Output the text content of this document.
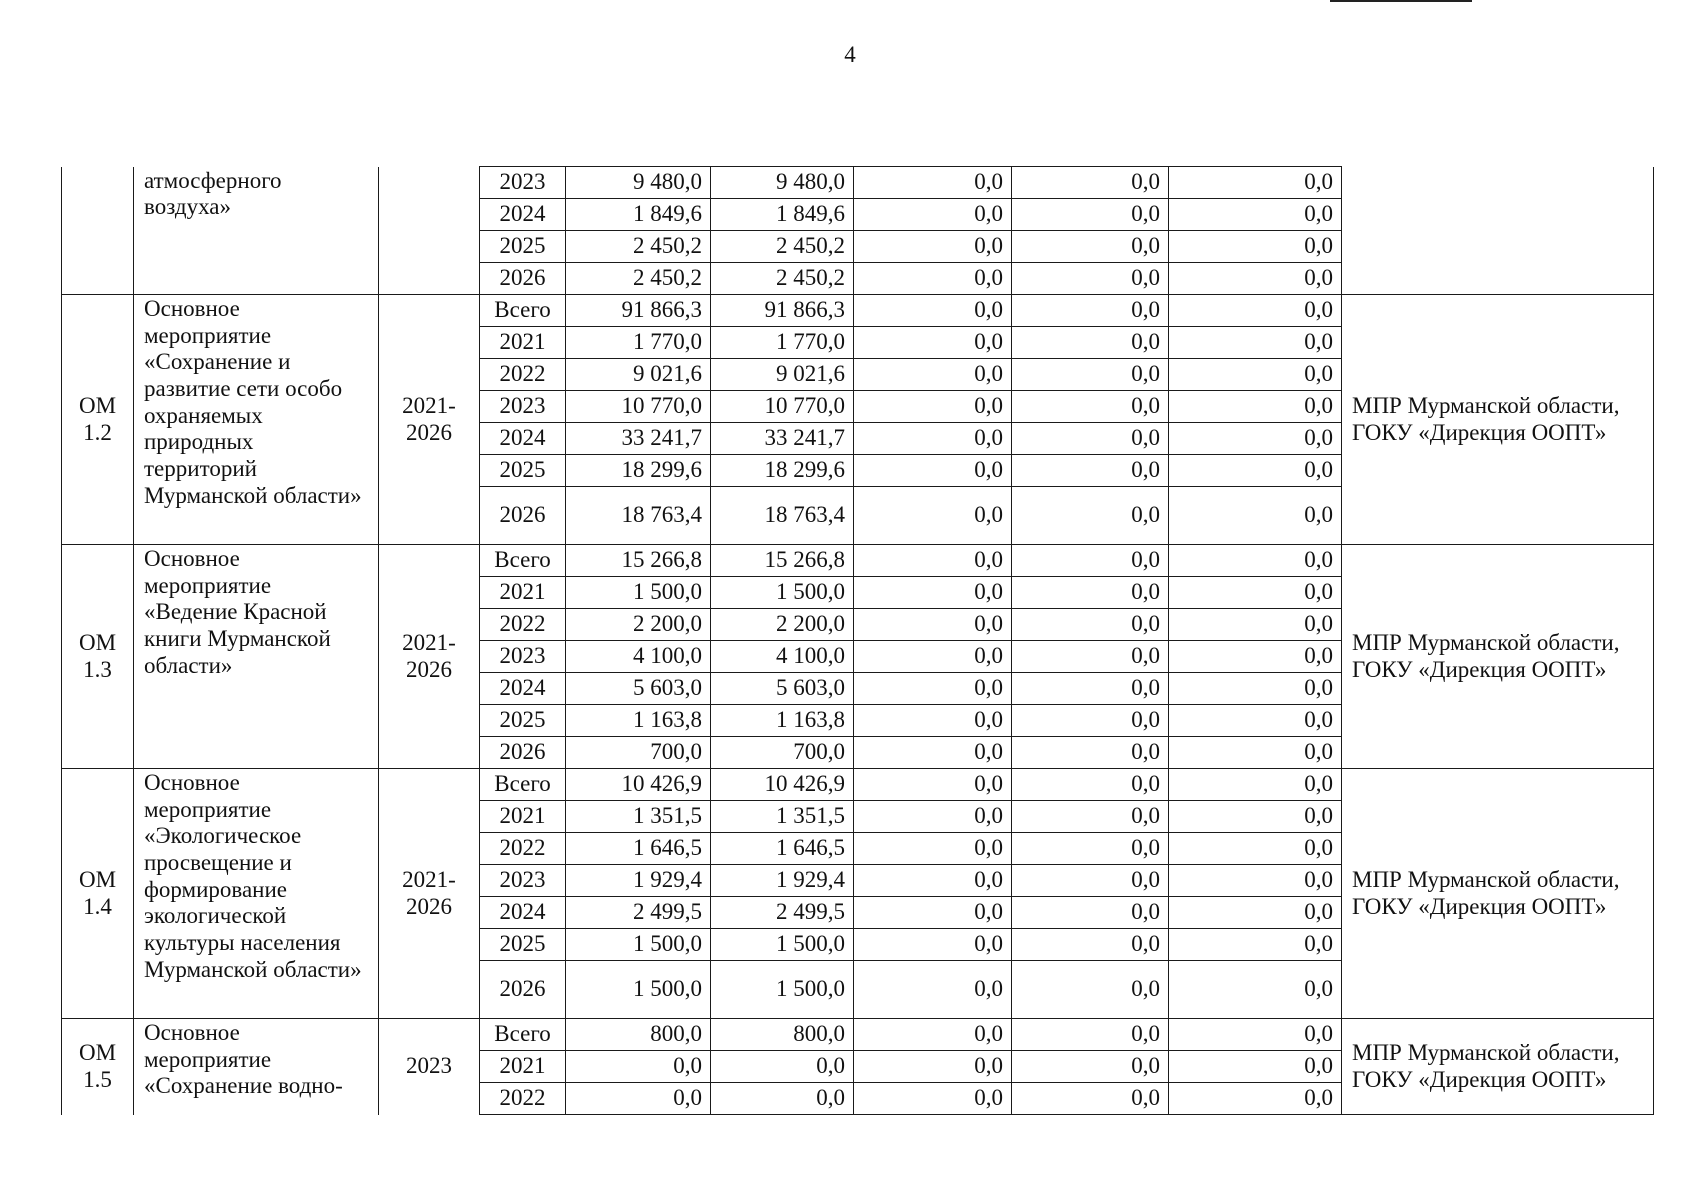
4
	атмосферного воздуха»		2023	9 480,0	9 480,0	0,0	0,0	0,0	
			2024	1 849,6	1 849,6	0,0	0,0	0,0	
			2025	2 450,2	2 450,2	0,0	0,0	0,0	
			2026	2 450,2	2 450,2	0,0	0,0	0,0	
ОМ 1.2	Основное мероприятие «Сохранение и развитие сети особо охраняемых природных территорий Мурманской области»	2021-2026	Всего	91 866,3	91 866,3	0,0	0,0	0,0	МПР Мурманской области, ГОКУ «Дирекция ООПТ»
			2021	1 770,0	1 770,0	0,0	0,0	0,0	
			2022	9 021,6	9 021,6	0,0	0,0	0,0	
			2023	10 770,0	10 770,0	0,0	0,0	0,0	
			2024	33 241,7	33 241,7	0,0	0,0	0,0	
			2025	18 299,6	18 299,6	0,0	0,0	0,0	
			2026	18 763,4	18 763,4	0,0	0,0	0,0	
ОМ 1.3	Основное мероприятие «Ведение Красной книги Мурманской области»	2021-2026	Всего	15 266,8	15 266,8	0,0	0,0	0,0	МПР Мурманской области, ГОКУ «Дирекция ООПТ»
			2021	1 500,0	1 500,0	0,0	0,0	0,0	
			2022	2 200,0	2 200,0	0,0	0,0	0,0	
			2023	4 100,0	4 100,0	0,0	0,0	0,0	
			2024	5 603,0	5 603,0	0,0	0,0	0,0	
			2025	1 163,8	1 163,8	0,0	0,0	0,0	
			2026	700,0	700,0	0,0	0,0	0,0	
ОМ 1.4	Основное мероприятие «Экологическое просвещение и формирование экологической культуры населения Мурманской области»	2021-2026	Всего	10 426,9	10 426,9	0,0	0,0	0,0	МПР Мурманской области, ГОКУ «Дирекция ООПТ»
			2021	1 351,5	1 351,5	0,0	0,0	0,0	
			2022	1 646,5	1 646,5	0,0	0,0	0,0	
			2023	1 929,4	1 929,4	0,0	0,0	0,0	
			2024	2 499,5	2 499,5	0,0	0,0	0,0	
			2025	1 500,0	1 500,0	0,0	0,0	0,0	
			2026	1 500,0	1 500,0	0,0	0,0	0,0	
ОМ 1.5	Основное мероприятие «Сохранение водно-	2023	Всего	800,0	800,0	0,0	0,0	0,0	МПР Мурманской области, ГОКУ «Дирекция ООПТ»
			2021	0,0	0,0	0,0	0,0	0,0	
			2022	0,0	0,0	0,0	0,0	0,0	
